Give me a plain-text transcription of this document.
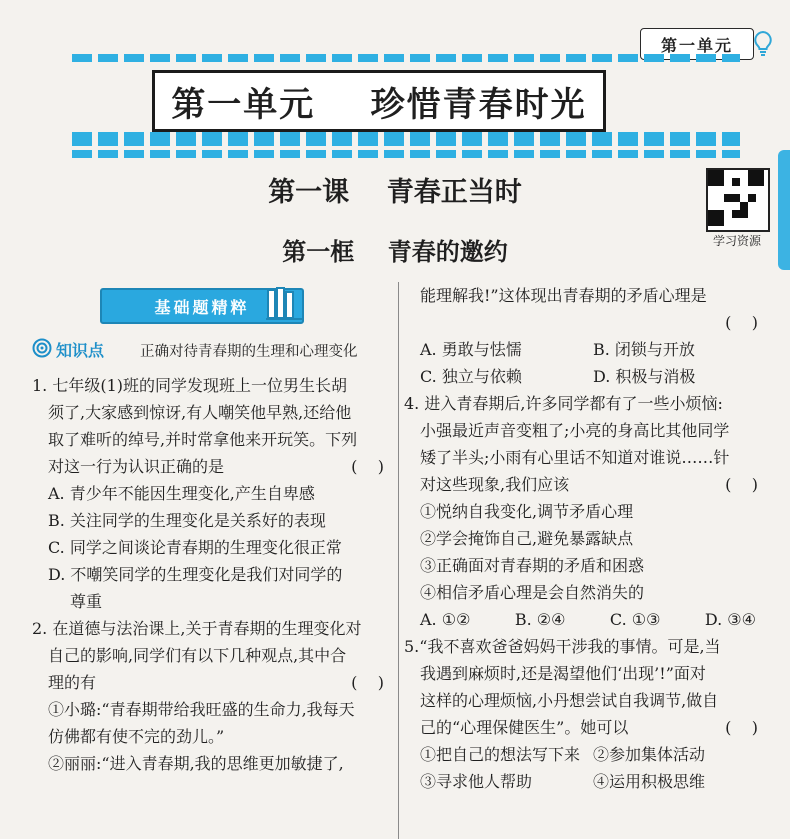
第一单元
第一单元    珍惜青春时光
学习资源
第一课    青春正当时
第一框    青春的邀约
基础题精粹
知识点 正确对待青春期的生理和心理变化
1. 七年级(1)班的同学发现班上一位男生长胡
须了,大家感到惊讶,有人嘲笑他早熟,还给他
取了难听的绰号,并时常拿他来开玩笑。下列
对这一行为认识正确的是	(    )
A. 青少年不能因生理变化,产生自卑感
B. 关注同学的生理变化是关系好的表现
C. 同学之间谈论青春期的生理变化很正常
D. 不嘲笑同学的生理变化是我们对同学的
尊重
2. 在道德与法治课上,关于青春期的生理变化对
自己的影响,同学们有以下几种观点,其中合
理的有	(    )
①小璐:“青春期带给我旺盛的生命力,我每天
仿佛都有使不完的劲儿。”
②丽丽:“进入青春期,我的思维更加敏捷了,
能理解我!”这体现出青春期的矛盾心理是
(    )
A. 勇敢与怯懦	B. 闭锁与开放
C. 独立与依赖	D. 积极与消极
4. 进入青春期后,许多同学都有了一些小烦恼:
小强最近声音变粗了;小亮的身高比其他同学
矮了半头;小雨有心里话不知道对谁说……针
对这些现象,我们应该	(    )
①悦纳自我变化,调节矛盾心理
②学会掩饰自己,避免暴露缺点
③正确面对青春期的矛盾和困惑
④相信矛盾心理是会自然消失的
A. ①②	B. ②④	C. ①③	D. ③④
5.“我不喜欢爸爸妈妈干涉我的事情。可是,当
我遇到麻烦时,还是渴望他们‘出现’!”面对
这样的心理烦恼,小丹想尝试自我调节,做自
己的“心理保健医生”。她可以	(    )
①把自己的想法写下来 ②参加集体活动
③寻求他人帮助	④运用积极思维
